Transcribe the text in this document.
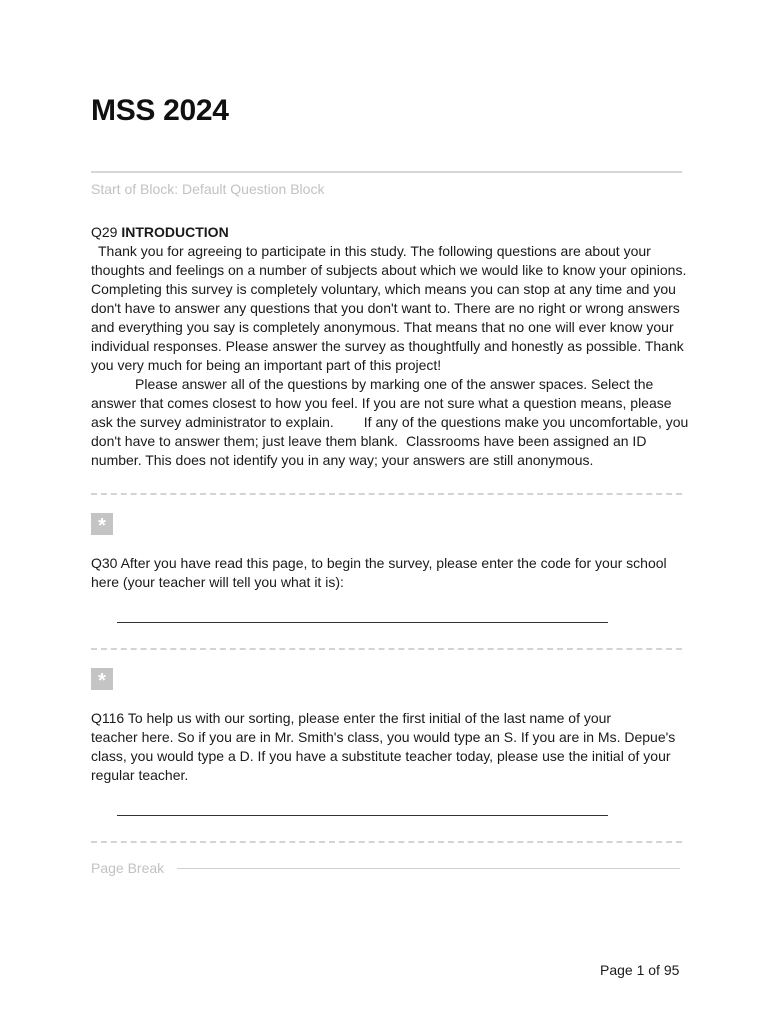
MSS 2024
Start of Block: Default Question Block
Q29 INTRODUCTION

Thank you for agreeing to participate in this study. The following questions are about your thoughts and feelings on a number of subjects about which we would like to know your opinions. Completing this survey is completely voluntary, which means you can stop at any time and you don't have to answer any questions that you don't want to. There are no right or wrong answers and everything you say is completely anonymous. That means that no one will ever know your individual responses. Please answer the survey as thoughtfully and honestly as possible. Thank you very much for being an important part of this project!

Please answer all of the questions by marking one of the answer spaces. Select the answer that comes closest to how you feel. If you are not sure what a question means, please ask the survey administrator to explain. If any of the questions make you uncomfortable, you don't have to answer them; just leave them blank. Classrooms have been assigned an ID number. This does not identify you in any way; your answers are still anonymous.

*
Q30 After you have read this page, to begin the survey, please enter the code for your school here (your teacher will tell you what it is):
*
Q116 To help us with our sorting, please enter the first initial of the last name of your
teacher here. So if you are in Mr. Smith's class, you would type an S. If you are in Ms. Depue's class, you would type a D. If you have a substitute teacher today, please use the initial of your regular teacher.
Page Break
Page 1 of 95
